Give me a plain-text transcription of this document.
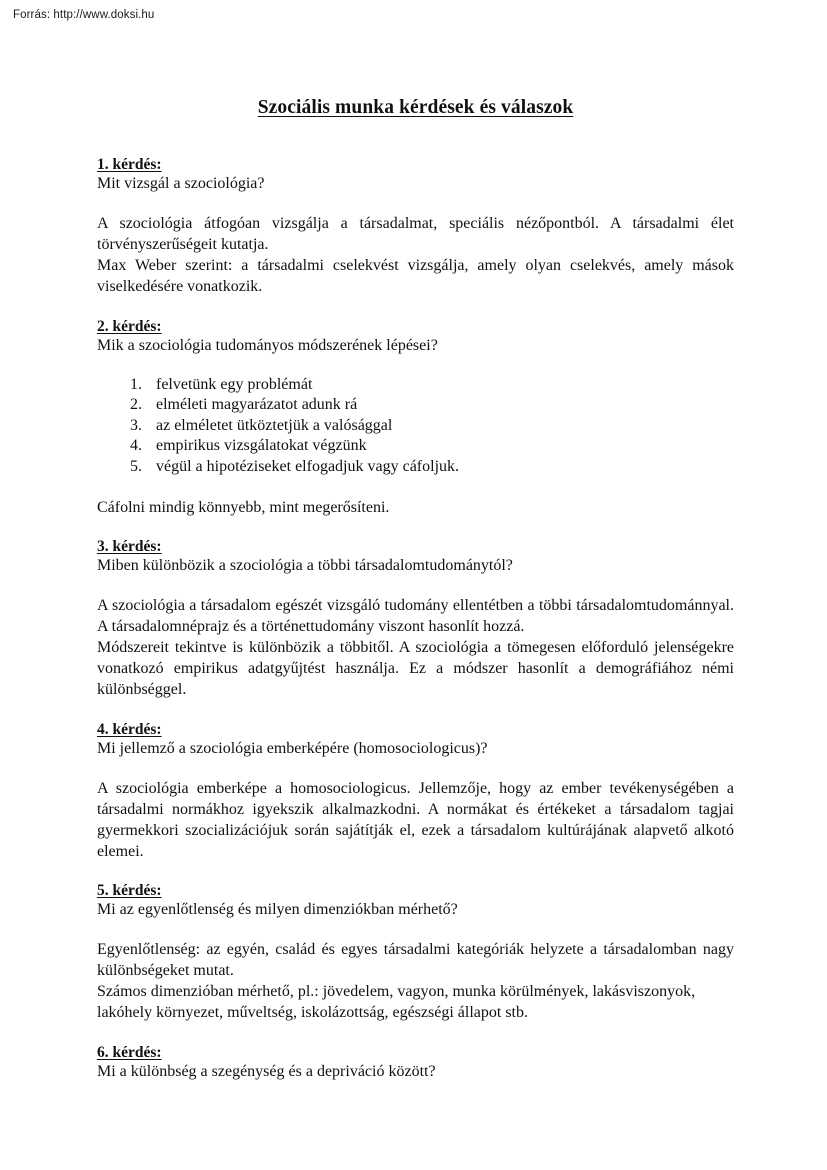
Forrás: http://www.doksi.hu
Szociális munka kérdések és válaszok
1. kérdés:
Mit vizsgál a szociológia?
A szociológia átfogóan vizsgálja a társadalmat, speciális nézőpontból. A társadalmi élet törvényszerűségeit kutatja.
Max Weber szerint: a társadalmi cselekvést vizsgálja, amely olyan cselekvés, amely mások viselkedésére vonatkozik.
2. kérdés:
Mik a szociológia tudományos módszerének lépései?
1. felvetünk egy problémát
2. elméleti magyarázatot adunk rá
3. az elméletet ütköztetjük a valósággal
4. empirikus vizsgálatokat végzünk
5. végül a hipotéziseket elfogadjuk vagy cáfoljuk.
Cáfolni mindig könnyebb, mint megerősíteni.
3. kérdés:
Miben különbözik a szociológia a többi társadalomtudománytól?
A szociológia a társadalom egészét vizsgáló tudomány ellentétben a többi társadalomtudománnyal. A társadalomnéprajz és a történettudomány viszont hasonlít hozzá.
Módszereit tekintve is különbözik a többitől. A szociológia a tömegesen előforduló jelenségekre vonatkozó empirikus adatgyűjtést használja. Ez a módszer hasonlít a demográfiához némi különbséggel.
4. kérdés:
Mi jellemző a szociológia emberképére (homosociologicus)?
A szociológia emberképe a homosociologicus. Jellemzője, hogy az ember tevékenységében a társadalmi normákhoz igyekszik alkalmazkodni. A normákat és értékeket a társadalom tagjai gyermekkori szocializációjuk során sajátítják el, ezek a társadalom kultúrájának alapvető alkotó elemei.
5. kérdés:
Mi az egyenlőtlenség és milyen dimenziókban mérhető?
Egyenlőtlenség: az egyén, család és egyes társadalmi kategóriák helyzete a társadalomban nagy különbségeket mutat.
Számos dimenzióban mérhető, pl.: jövedelem, vagyon, munka körülmények, lakásviszonyok, lakóhely környezet, műveltség, iskolázottság, egészségi állapot stb.
6. kérdés:
Mi a különbség a szegénység és a depriváció között?
